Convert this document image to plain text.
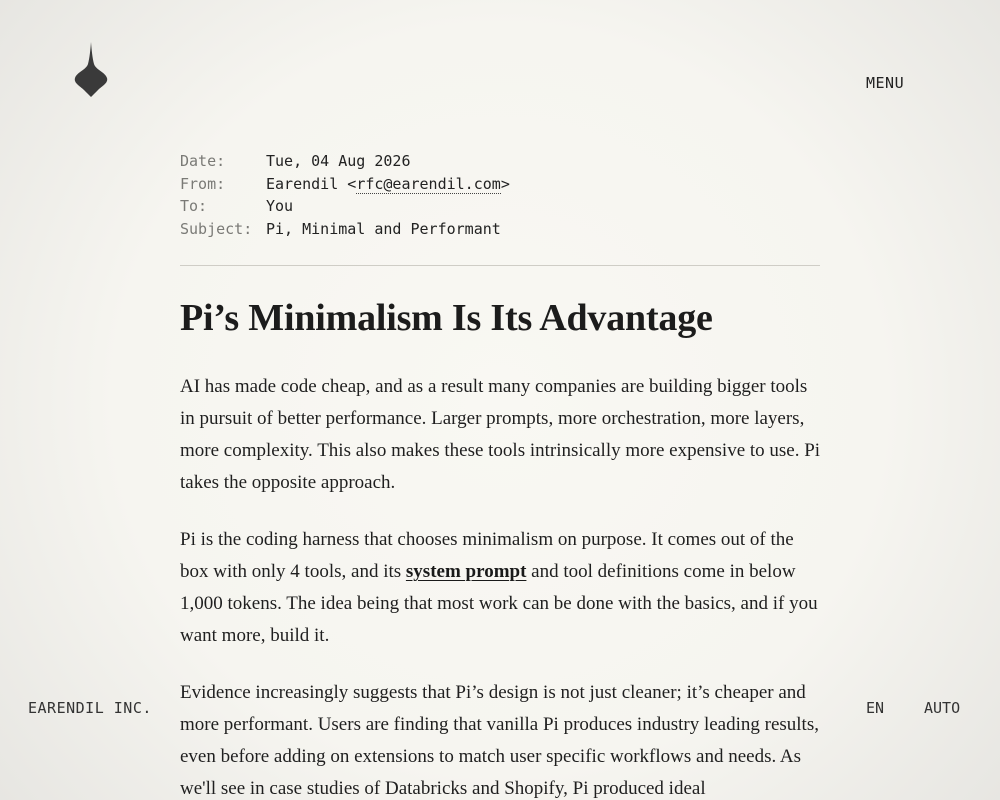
MENU
Date:	Tue, 04 Aug 2026
From:	Earendil <rfc@earendil.com>
To:	You
Subject: Pi, Minimal and Performant
Pi’s Minimalism Is Its Advantage

AI has made code cheap, and as a result many companies are building bigger tools in pursuit of better performance. Larger prompts, more orchestration, more layers, more complexity. This also makes these tools intrinsically more expensive to use. Pi takes the opposite approach.

Pi is the coding harness that chooses minimalism on purpose. It comes out of the box with only 4 tools, and its system prompt and tool definitions come in below 1,000 tokens. The idea being that most work can be done with the basics, and if you want more, build it.

Evidence increasingly suggests that Pi’s design is not just cleaner; it’s cheaper and more performant. Users are finding that vanilla Pi produces industry leading results, even before adding on extensions to match user specific workflows and needs. As we'll see in case studies of Databricks and Shopify, Pi produced ideal

EARENDIL INC.	EN	AUTO
